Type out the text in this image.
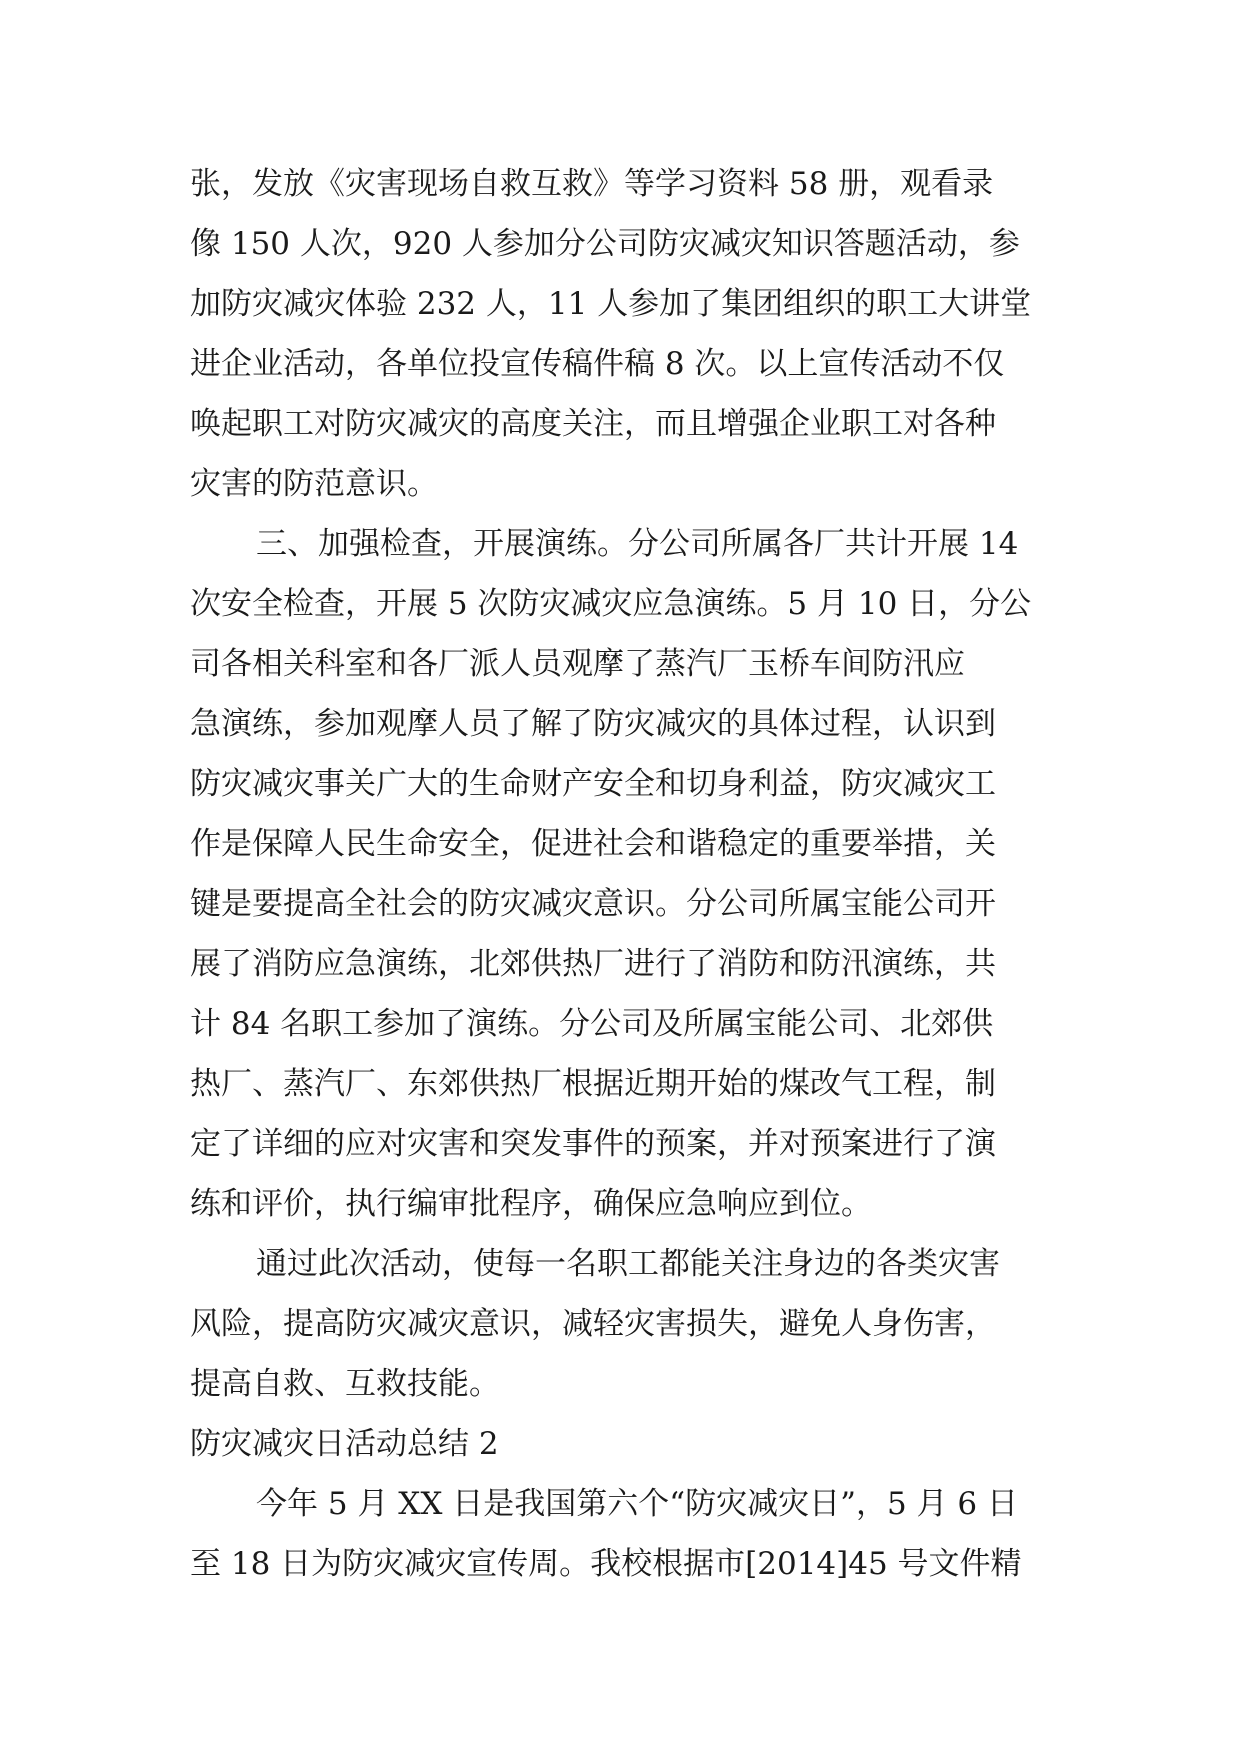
张，发放《灾害现场自救互救》等学习资料 58 册，观看录
像 150 人次，920 人参加分公司防灾减灾知识答题活动，参
加防灾减灾体验 232 人，11 人参加了集团组织的职工大讲堂
进企业活动，各单位投宣传稿件稿 8 次。以上宣传活动不仅
唤起职工对防灾减灾的高度关注，而且增强企业职工对各种
灾害的防范意识。
三、加强检查，开展演练。分公司所属各厂共计开展 14
次安全检查，开展 5 次防灾减灾应急演练。5 月 10 日，分公
司各相关科室和各厂派人员观摩了蒸汽厂玉桥车间防汛应
急演练，参加观摩人员了解了防灾减灾的具体过程，认识到
防灾减灾事关广大的生命财产安全和切身利益，防灾减灾工
作是保障人民生命安全，促进社会和谐稳定的重要举措，关
键是要提高全社会的防灾减灾意识。分公司所属宝能公司开
展了消防应急演练，北郊供热厂进行了消防和防汛演练，共
计 84 名职工参加了演练。分公司及所属宝能公司、北郊供
热厂、蒸汽厂、东郊供热厂根据近期开始的煤改气工程，制
定了详细的应对灾害和突发事件的预案，并对预案进行了演
练和评价，执行编审批程序，确保应急响应到位。
通过此次活动，使每一名职工都能关注身边的各类灾害
风险，提高防灾减灾意识，减轻灾害损失，避免人身伤害，
提高自救、互救技能。
防灾减灾日活动总结 2
今年 5 月 XX 日是我国第六个“防灾减灾日”，5 月 6 日
至 18 日为防灾减灾宣传周。我校根据市[2014]45 号文件精
